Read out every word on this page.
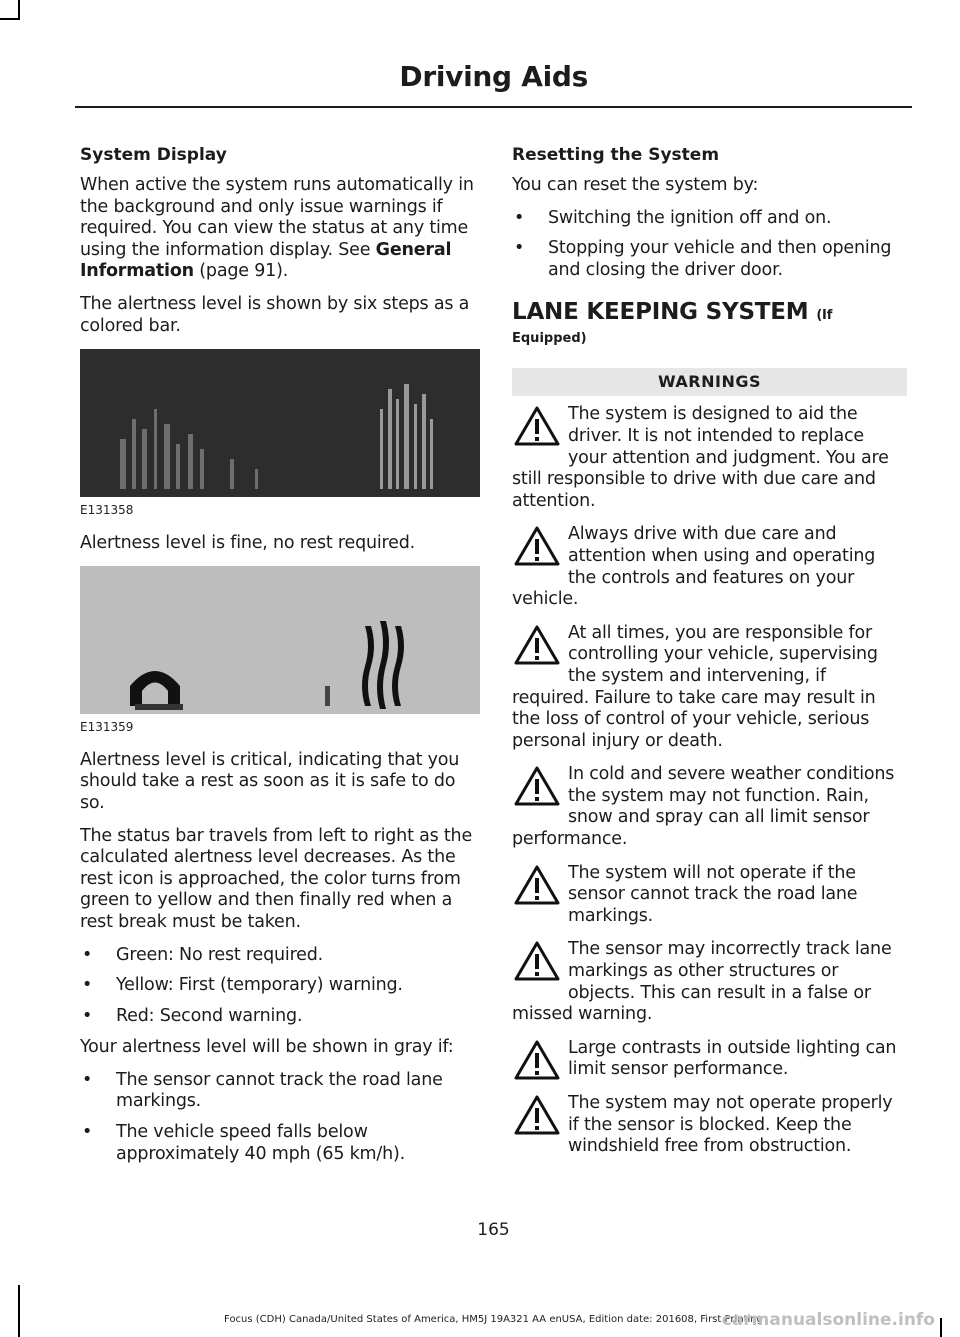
Driving Aids
System Display

When active the system runs automatically in the background and only issue warnings if required. You can view the status at any time using the information display. See General Information (page 91).

The alertness level is shown by six steps as a colored bar.

E131358

Alertness level is fine, no rest required.

E131359

Alertness level is critical, indicating that you should take a rest as soon as it is safe to do so.

The status bar travels from left to right as the calculated alertness level decreases. As the rest icon is approached, the color turns from green to yellow and then finally red when a rest break must be taken.

• Green: No rest required.
• Yellow: First (temporary) warning.
• Red: Second warning.

Your alertness level will be shown in gray if:

• The sensor cannot track the road lane markings.
• The vehicle speed falls below approximately 40 mph (65 km/h).
Resetting the System

You can reset the system by:

• Switching the ignition off and on.
• Stopping your vehicle and then opening and closing the driver door.
LANE KEEPING SYSTEM (If
Equipped)
WARNINGS
The system is designed to aid the driver. It is not intended to replace your attention and judgment. You are still responsible to drive with due care and attention.
Always drive with due care and attention when using and operating the controls and features on your vehicle.
At all times, you are responsible for controlling your vehicle, supervising the system and intervening, if required. Failure to take care may result in the loss of control of your vehicle, serious personal injury or death.
In cold and severe weather conditions the system may not function. Rain, snow and spray can all limit sensor performance.
The system will not operate if the sensor cannot track the road lane markings.
The sensor may incorrectly track lane markings as other structures or objects. This can result in a false or missed warning.
Large contrasts in outside lighting can limit sensor performance.
The system may not operate properly if the sensor is blocked. Keep the windshield free from obstruction.
165
Focus (CDH) Canada/United States of America, HM5J 19A321 AA enUSA, Edition date: 201608, First Printing
carmanualsonline.info
